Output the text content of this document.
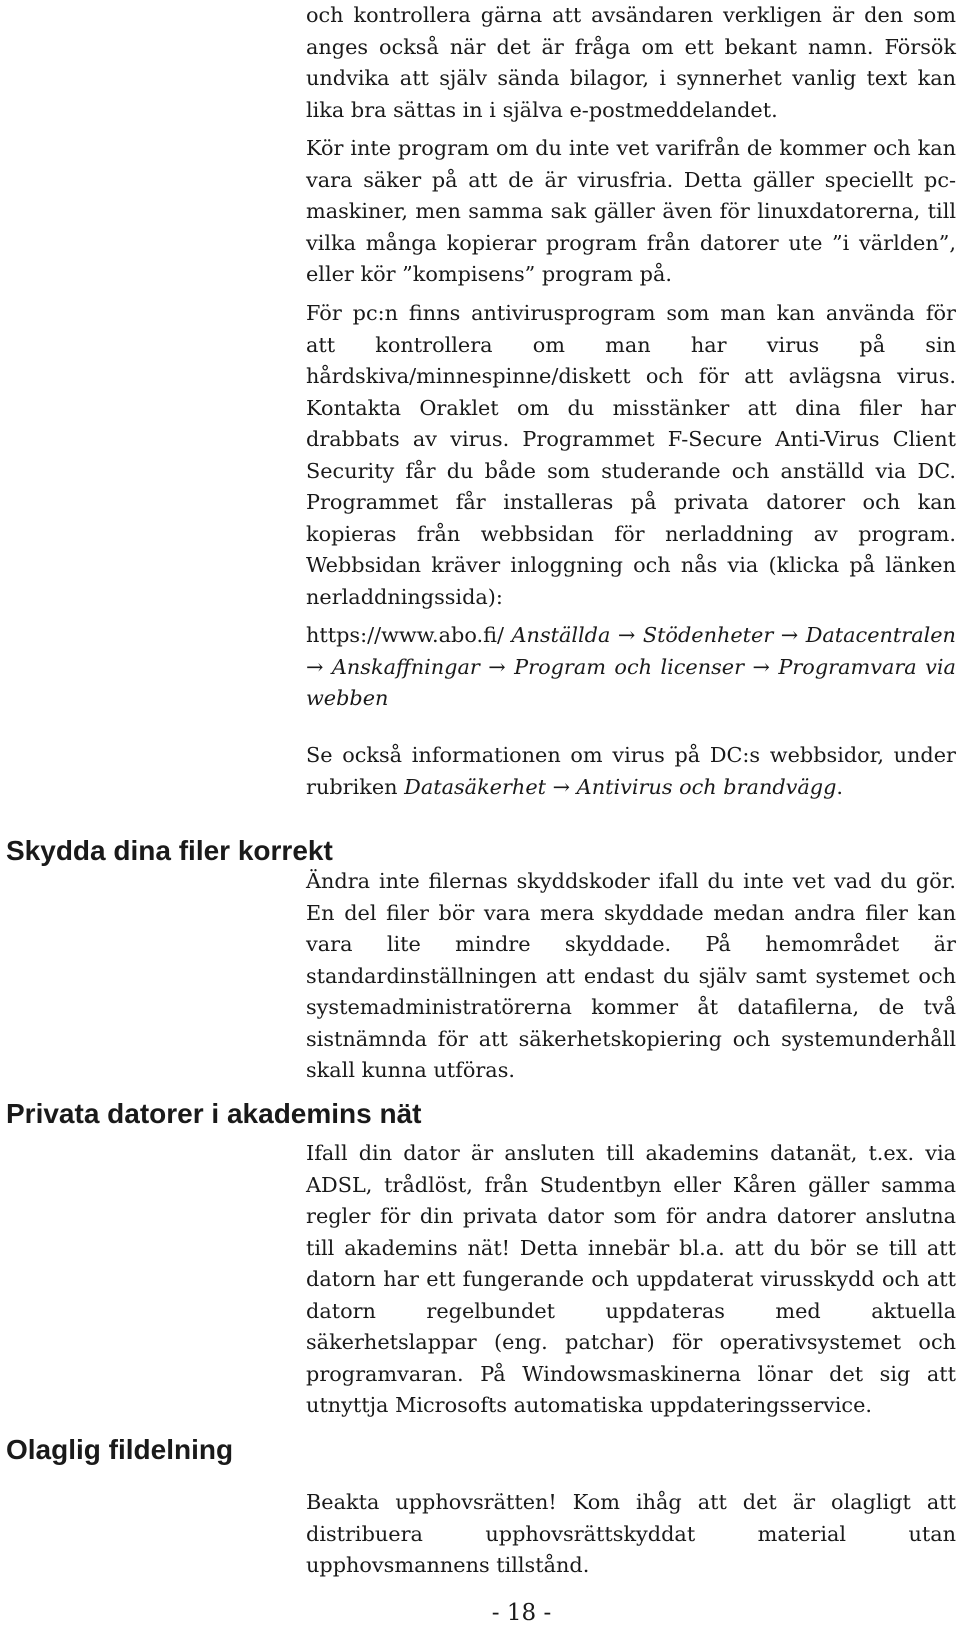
och kontrollera gärna att avsändaren verkligen är den som anges också när det är fråga om ett bekant namn. Försök undvika att själv sända bilagor, i synnerhet vanlig text kan lika bra sättas in i själva e-postmeddelandet.

Kör inte program om du inte vet varifrån de kommer och kan vara säker på att de är virusfria. Detta gäller speciellt pc-maskiner, men samma sak gäller även för linuxdatorerna, till vilka många kopierar program från datorer ute ”i världen”, eller kör ”kompisens” program på.

För pc:n finns antivirusprogram som man kan använda för att kontrollera om man har virus på sin hårdskiva/minnespinne/diskett och för att avlägsna virus. Kontakta Oraklet om du misstänker att dina filer har drabbats av virus. Programmet F-Secure Anti-Virus Client Security får du både som studerande och anställd via DC. Programmet får installeras på privata datorer och kan kopieras från webbsidan för nerladdning av program. Webbsidan kräver inloggning och nås via (klicka på länken nerladdningssida):

https://www.abo.fi/ Anställda → Stödenheter → Datacentralen → Anskaffningar → Program och licenser → Programvara via webben

Se också informationen om virus på DC:s webbsidor, under rubriken Datasäkerhet → Antivirus och brandvägg.

Skydda dina filer korrekt

Ändra inte filernas skyddskoder ifall du inte vet vad du gör. En del filer bör vara mera skyddade medan andra filer kan vara lite mindre skyddade. På hemområdet är standardinställningen att endast du själv samt systemet och systemadministratörerna kommer åt datafilerna, de två sistnämnda för att säkerhetskopiering och systemunderhåll skall kunna utföras.

Privata datorer i akademins nät

Ifall din dator är ansluten till akademins datanät, t.ex. via ADSL, trådlöst, från Studentbyn eller Kåren gäller samma regler för din privata dator som för andra datorer anslutna till akademins nät! Detta innebär bl.a. att du bör se till att datorn har ett fungerande och uppdaterat virusskydd och att datorn regelbundet uppdateras med aktuella säkerhetslappar (eng. patchar) för operativsystemet och programvaran. På Windowsmaskinerna lönar det sig att utnyttja Microsofts automatiska uppdateringsservice.

Olaglig fildelning

Beakta upphovsrätten! Kom ihåg att det är olagligt att distribuera upphovsrättskyddat material utan upphovsmannens tillstånd.

- 18 -
